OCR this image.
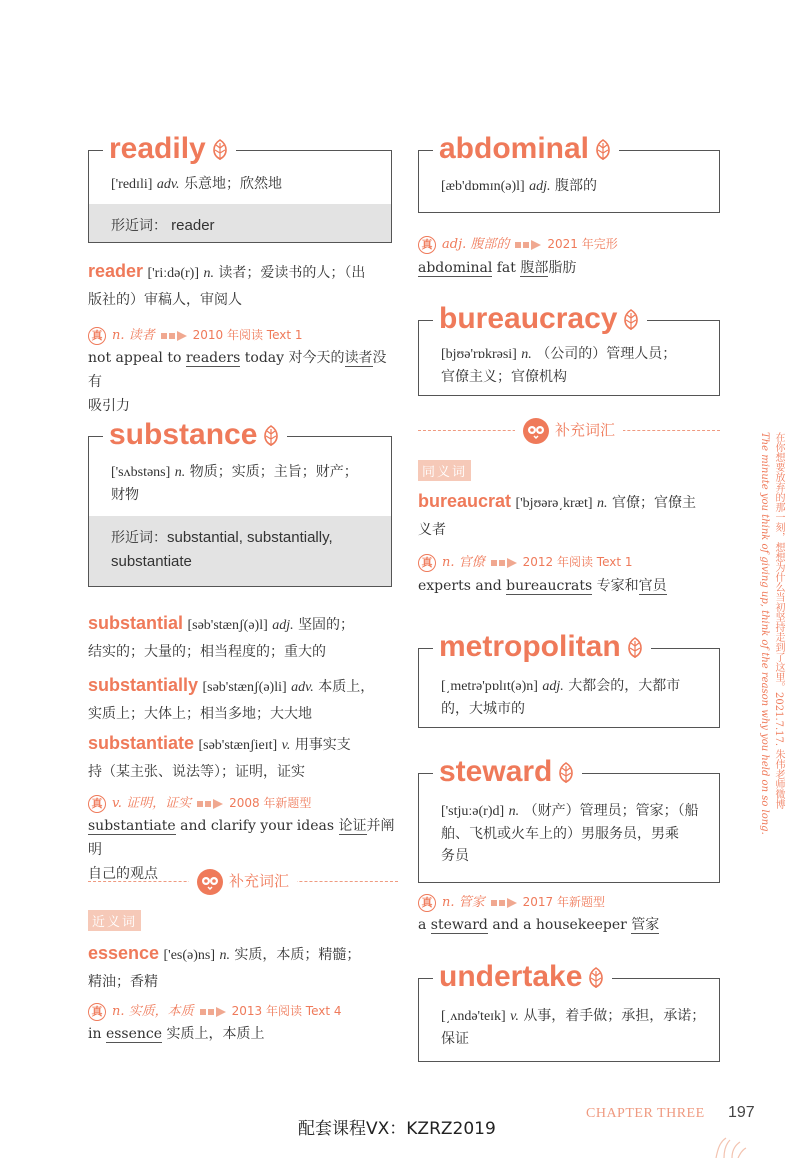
readily
['redɪli] adv. 乐意地；欣然地
形近词： reader
reader ['riːdə(r)] n. 读者；爱读书的人；（出
版社的）审稿人，审阅人
真 n. 读者	2010 年阅读 Text 1
not appeal to readers today 对今天的读者没有
吸引力
substance
['sʌbstəns] n. 物质；实质；主旨；财产；
财物
形近词：substantial, substantially,
substantiate
substantial [səb'stænʃ(ə)l] adj. 坚固的；
结实的；大量的；相当程度的；重大的
substantially [səb'stænʃ(ə)li] adv. 本质上，
实质上；大体上；相当多地；大大地
substantiate [səb'stænʃieɪt] v. 用事实支
持（某主张、说法等）；证明，证实
真 v. 证明，证实	2008 年新题型
substantiate and clarify your ideas 论证并阐明
自己的观点	补充词汇
近义词
essence ['es(ə)ns] n. 实质，本质；精髓；
精油；香精
真 n. 实质，本质	2013 年阅读 Text 4
in essence 实质上，本质上
abdominal
[æb'dɒmɪn(ə)l] adj. 腹部的
真 adj. 腹部的	2021 年完形
abdominal fat 腹部脂肪
bureaucracy
[bjʊə'rɒkrəsi] n. （公司的）管理人员；
官僚主义；官僚机构
补充词汇
同义词
bureaucrat ['bjʊərə͵kræt] n. 官僚；官僚主
义者
真 n. 官僚	2012 年阅读 Text 1
experts and bureaucrats 专家和官员
metropolitan
[͵metrə'pɒlɪt(ə)n] adj. 大都会的，大都市
的，大城市的
steward
['stjuːə(r)d] n. （财产）管理员；管家；（船
舶、飞机或火车上的）男服务员，男乘
务员
真 n. 管家	2017 年新题型
a steward and a housekeeper 管家
undertake
[͵ʌndə'teɪk] v. 从事，着手做；承担，承诺；
保证
在你想要放弃的那一刻，想想为什么当初坚持走到了这里。2021.7.17. 朱伟老师微博
The minute you think of giving up, think of the reason why you held on so long.
配套课程VX：KZRZ2019
CHAPTER THREE 197
